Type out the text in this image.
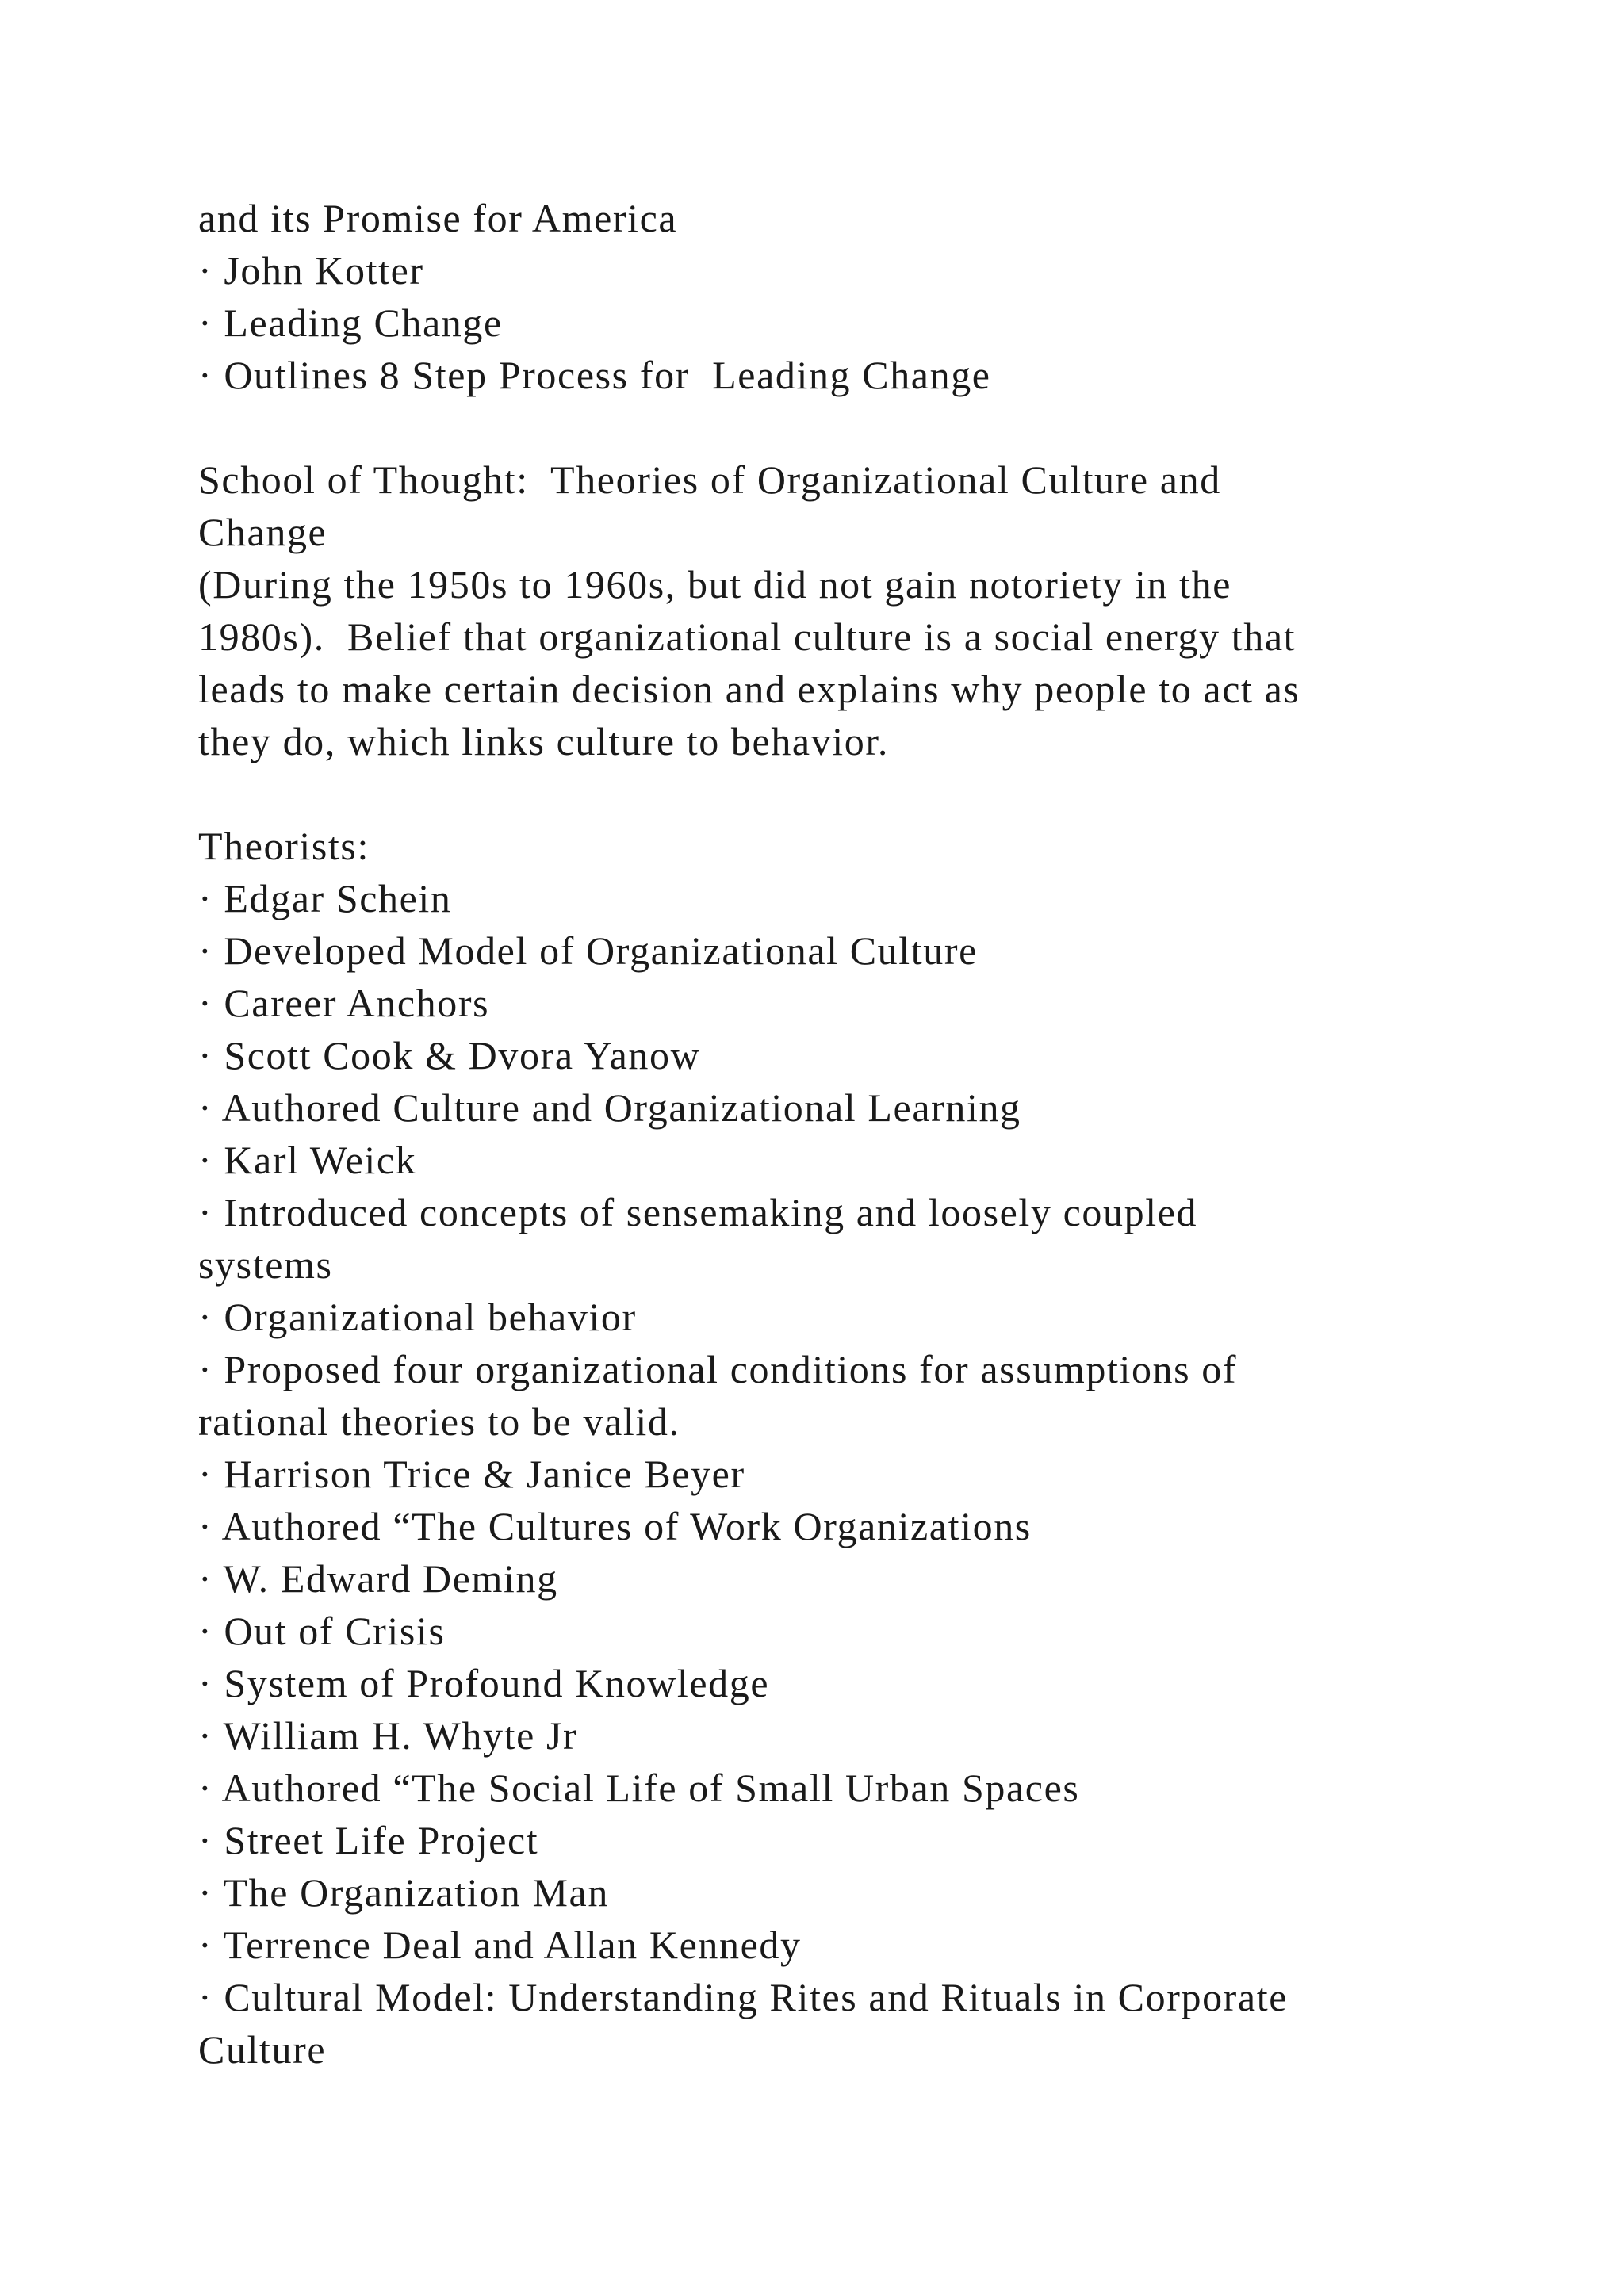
and its Promise for America
· John Kotter
· Leading Change
· Outlines 8 Step Process for  Leading Change
School of Thought:  Theories of Organizational Culture and
Change
(During the 1950s to 1960s, but did not gain notoriety in the
1980s).  Belief that organizational culture is a social energy that
leads to make certain decision and explains why people to act as
they do, which links culture to behavior.
Theorists:
· Edgar Schein
· Developed Model of Organizational Culture
· Career Anchors
· Scott Cook & Dvora Yanow
· Authored Culture and Organizational Learning
· Karl Weick
· Introduced concepts of sensemaking and loosely coupled
systems
· Organizational behavior
· Proposed four organizational conditions for assumptions of
rational theories to be valid.
· Harrison Trice & Janice Beyer
· Authored “The Cultures of Work Organizations
· W. Edward Deming
· Out of Crisis
· System of Profound Knowledge
· William H. Whyte Jr
· Authored “The Social Life of Small Urban Spaces
· Street Life Project
· The Organization Man
· Terrence Deal and Allan Kennedy
· Cultural Model: Understanding Rites and Rituals in Corporate
Culture
